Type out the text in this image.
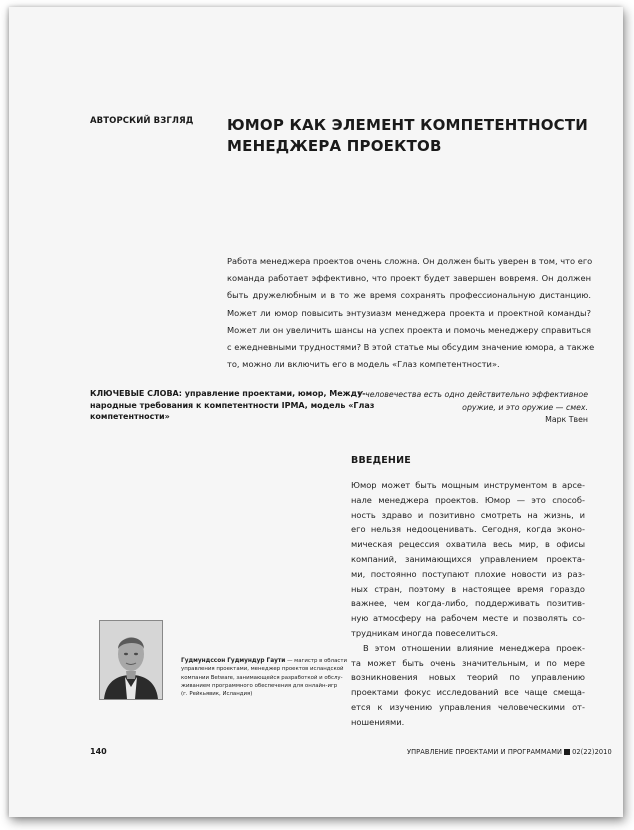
АВТОРСКИЙ ВЗГЛЯД ЮМОР КАК ЭЛЕМЕНТ КОМПЕТЕНТНОСТИ
МЕНЕДЖЕРА ПРОЕКТОВ
Работа менеджера проектов очень сложна. Он должен быть уверен в том, что его
команда работает эффективно, что проект будет завершен вовремя. Он должен
быть дружелюбным и в то же время сохранять профессиональную дистанцию.
Может ли юмор повысить энтузиазм менеджера проекта и проектной команды?
Может ли он увеличить шансы на успех проекта и помочь менеджеру справиться
с ежедневными трудностями? В этой статье мы обсудим значение юмора, а также
то, можно ли включить его в модель «Глаз компетентности».
КЛЮЧЕВЫЕ СЛОВА: управление проектами, юмор, Между-
народные требования к компетентности IPMA, модель «Глаз
компетентности»
У человечества есть одно действительно эффективное
оружие, и это оружие — смех.
Марк Твен
ВВЕДЕНИЕ
Юмор может быть мощным инструментом в арсе-
нале менеджера проектов. Юмор — это способ-
ность здраво и позитивно смотреть на жизнь, и
его нельзя недооценивать. Сегодня, когда эконо-
мическая рецессия охватила весь мир, в офисы
компаний, занимающихся управлением проекта-
ми, постоянно поступают плохие новости из раз-
ных стран, поэтому в настоящее время гораздо
важнее, чем когда-либо, поддерживать позитив-
ную атмосферу на рабочем месте и позволять со-
трудникам иногда повеселиться.
В этом отношении влияние менеджера проек-
та может быть очень значительным, и по мере
возникновения новых теорий по управлению
проектами фокус исследований все чаще смеща-
ется к изучению управления человеческими от-
ношениями.
Гудмундссон Гудмундур Гаути — магистр в области
управления проектами, менеджер проектов исландской
компании Betware, занимающейся разработкой и обслу-
живанием программного обеспечения для онлайн-игр
(г. Рейкьявик, Исландия)
140	УПРАВЛЕНИЕ ПРОЕКТАМИ И ПРОГРАММАМИ 02(22)2010
